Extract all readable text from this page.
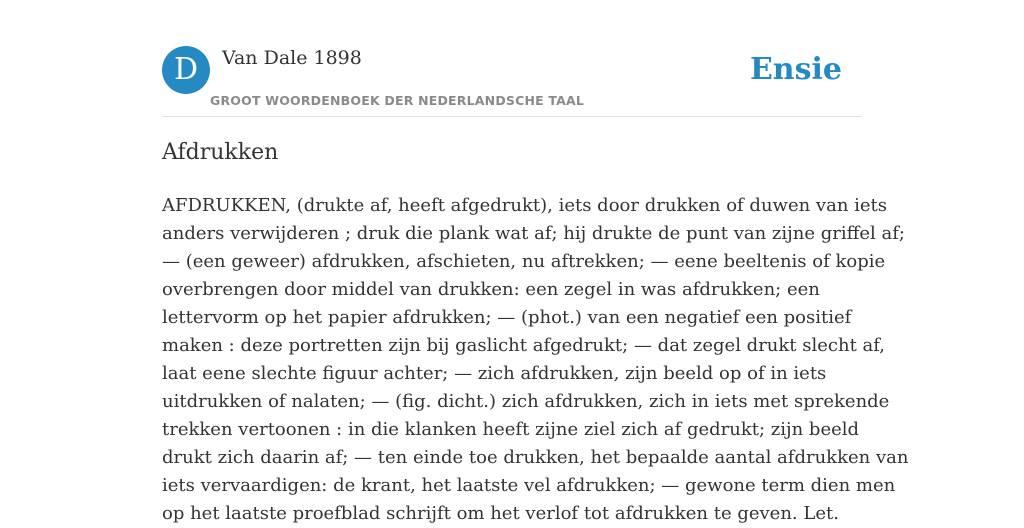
D	Van Dale 1898
GROOT WOORDENBOEK DER NEDERLANDSCHE TAAL
Ensie
Afdrukken

AFDRUKKEN, (drukte af, heeft afgedrukt), iets door drukken of duwen van iets
anders verwijderen ; druk die plank wat af; hij drukte de punt van zijne griffel af;
— (een geweer) afdrukken, afschieten, nu aftrekken; — eene beeltenis of kopie
overbrengen door middel van drukken: een zegel in was afdrukken; een
lettervorm op het papier afdrukken; — (phot.) van een negatief een positief
maken : deze portretten zijn bij gaslicht afgedrukt; — dat zegel drukt slecht af,
laat eene slechte figuur achter; — zich afdrukken, zijn beeld op of in iets
uitdrukken of nalaten; — (fig. dicht.) zich afdrukken, zich in iets met sprekende
trekken vertoonen : in die klanken heeft zijne ziel zich af gedrukt; zijn beeld
drukt zich daarin af; — ten einde toe drukken, het bepaalde aantal afdrukken van
iets vervaardigen: de krant, het laatste vel afdrukken; — gewone term dien men
op het laatste proefblad schrijft om het verlof tot afdrukken te geven. Let.
